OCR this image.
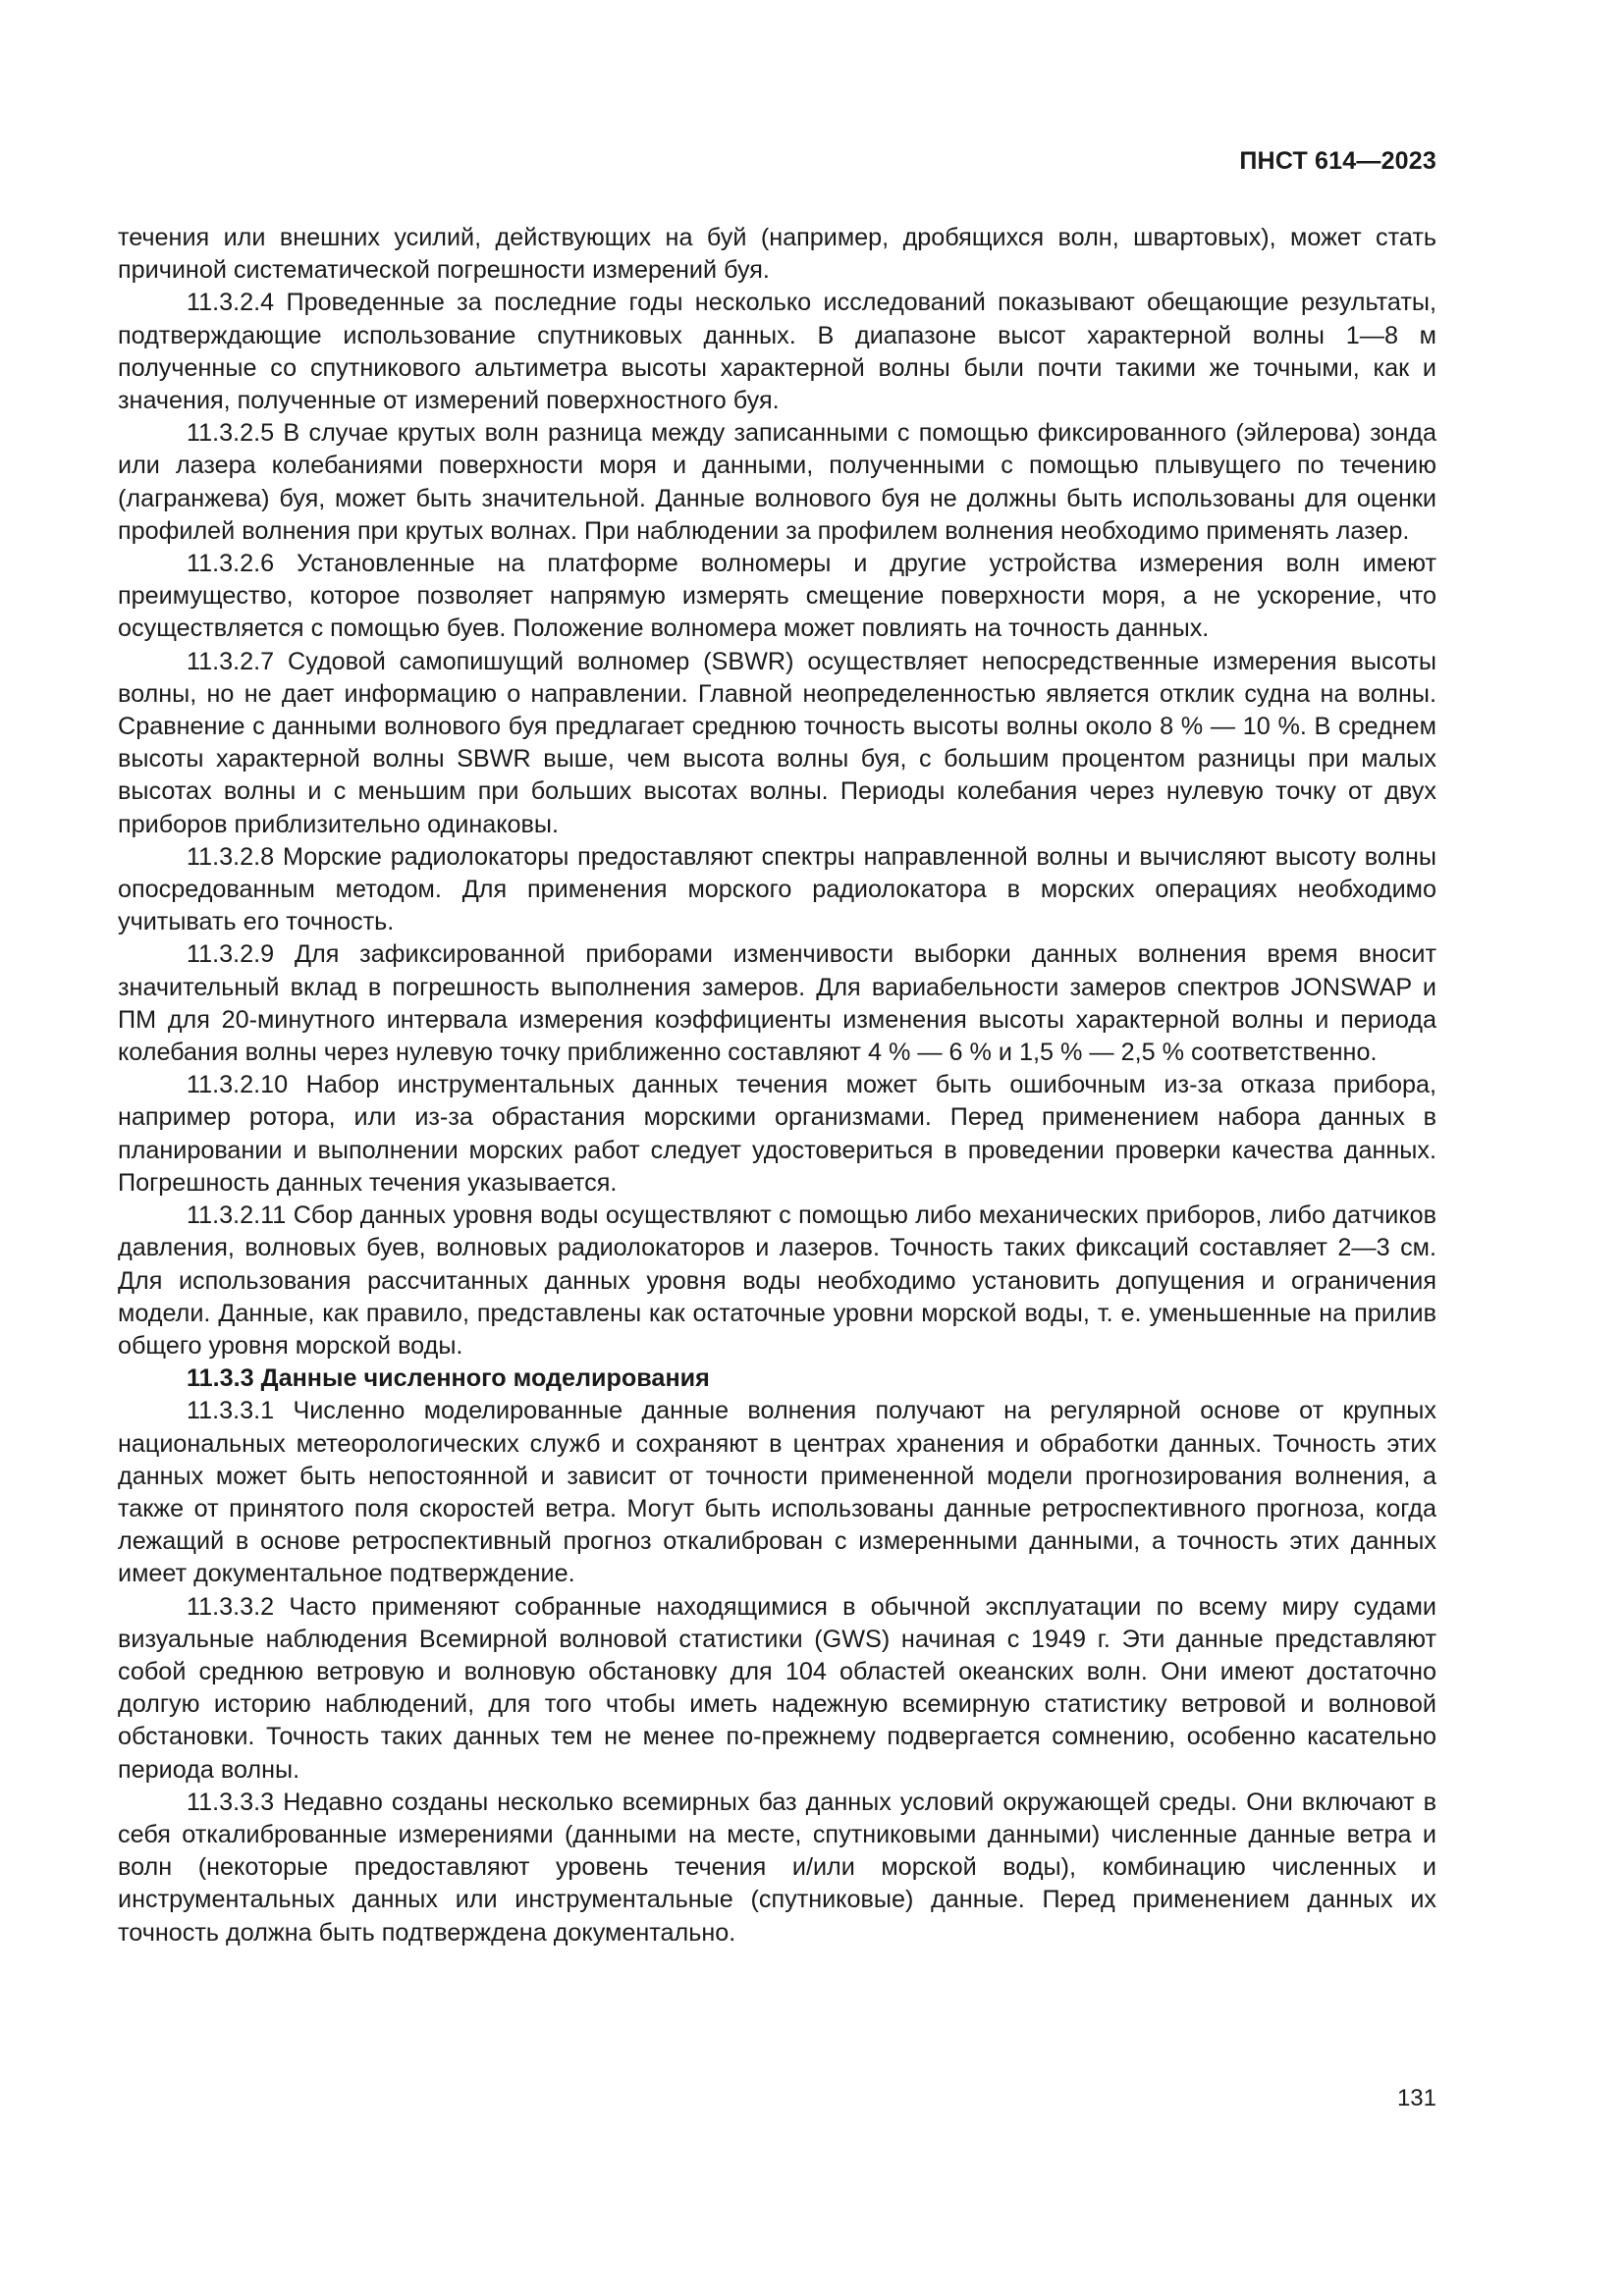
ПНСТ 614—2023

течения или внешних усилий, действующих на буй (например, дробящихся волн, швартовых), может стать причиной систематической погрешности измерений буя.

11.3.2.4 Проведенные за последние годы несколько исследований показывают обещающие результаты, подтверждающие использование спутниковых данных. В диапазоне высот характерной волны 1—8 м полученные со спутникового альтиметра высоты характерной волны были почти такими же точными, как и значения, полученные от измерений поверхностного буя.

11.3.2.5 В случае крутых волн разница между записанными с помощью фиксированного (эйлерова) зонда или лазера колебаниями поверхности моря и данными, полученными с помощью плывущего по течению (лагранжева) буя, может быть значительной. Данные волнового буя не должны быть использованы для оценки профилей волнения при крутых волнах. При наблюдении за профилем волнения необходимо применять лазер.

11.3.2.6 Установленные на платформе волномеры и другие устройства измерения волн имеют преимущество, которое позволяет напрямую измерять смещение поверхности моря, а не ускорение, что осуществляется с помощью буев. Положение волномера может повлиять на точность данных.

11.3.2.7 Судовой самопишущий волномер (SBWR) осуществляет непосредственные измерения высоты волны, но не дает информацию о направлении. Главной неопределенностью является отклик судна на волны. Сравнение с данными волнового буя предлагает среднюю точность высоты волны около 8 % — 10 %. В среднем высоты характерной волны SBWR выше, чем высота волны буя, с большим процентом разницы при малых высотах волны и с меньшим при больших высотах волны. Периоды колебания через нулевую точку от двух приборов приблизительно одинаковы.

11.3.2.8 Морские радиолокаторы предоставляют спектры направленной волны и вычисляют высоту волны опосредованным методом. Для применения морского радиолокатора в морских операциях необходимо учитывать его точность.

11.3.2.9 Для зафиксированной приборами изменчивости выборки данных волнения время вносит значительный вклад в погрешность выполнения замеров. Для вариабельности замеров спектров JONSWAP и ПМ для 20-минутного интервала измерения коэффициенты изменения высоты характерной волны и периода колебания волны через нулевую точку приближенно составляют 4 % — 6 % и 1,5 % — 2,5 % соответственно.

11.3.2.10 Набор инструментальных данных течения может быть ошибочным из-за отказа прибора, например ротора, или из-за обрастания морскими организмами. Перед применением набора данных в планировании и выполнении морских работ следует удостовериться в проведении проверки качества данных. Погрешность данных течения указывается.

11.3.2.11 Сбор данных уровня воды осуществляют с помощью либо механических приборов, либо датчиков давления, волновых буев, волновых радиолокаторов и лазеров. Точность таких фиксаций составляет 2—3 см. Для использования рассчитанных данных уровня воды необходимо установить допущения и ограничения модели. Данные, как правило, представлены как остаточные уровни морской воды, т. е. уменьшенные на прилив общего уровня морской воды.

11.3.3 Данные численного моделирования

11.3.3.1 Численно моделированные данные волнения получают на регулярной основе от крупных национальных метеорологических служб и сохраняют в центрах хранения и обработки данных. Точность этих данных может быть непостоянной и зависит от точности примененной модели прогнозирования волнения, а также от принятого поля скоростей ветра. Могут быть использованы данные ретроспективного прогноза, когда лежащий в основе ретроспективный прогноз откалиброван с измеренными данными, а точность этих данных имеет документальное подтверждение.

11.3.3.2 Часто применяют собранные находящимися в обычной эксплуатации по всему миру судами визуальные наблюдения Всемирной волновой статистики (GWS) начиная с 1949 г. Эти данные представляют собой среднюю ветровую и волновую обстановку для 104 областей океанских волн. Они имеют достаточно долгую историю наблюдений, для того чтобы иметь надежную всемирную статистику ветровой и волновой обстановки. Точность таких данных тем не менее по-прежнему подвергается сомнению, особенно касательно периода волны.

11.3.3.3 Недавно созданы несколько всемирных баз данных условий окружающей среды. Они включают в себя откалиброванные измерениями (данными на месте, спутниковыми данными) численные данные ветра и волн (некоторые предоставляют уровень течения и/или морской воды), комбинацию численных и инструментальных данных или инструментальные (спутниковые) данные. Перед применением данных их точность должна быть подтверждена документально.

131
